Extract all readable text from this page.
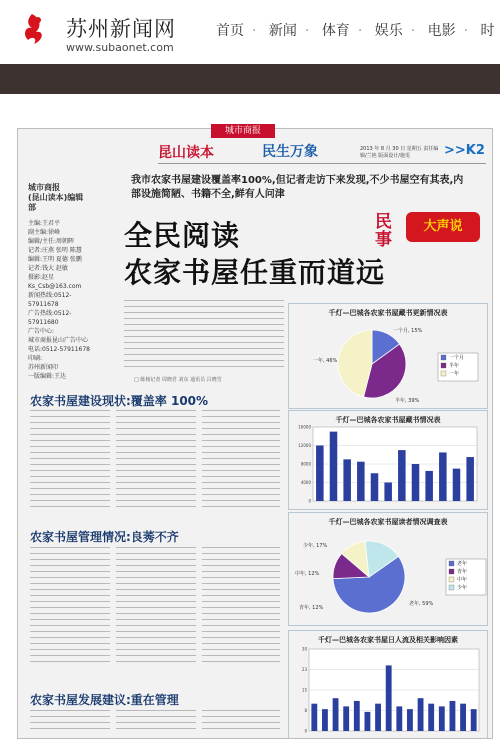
苏州新闻网
www.subaonet.com
首页 · 新闻 · 体育 · 娱乐 · 电影 · 时
城市商报
昆山读本	民生万象	2013 年 8 月 30 日 星期五 责任编辑/兰艳 版面设计/施雯	>>K2
城市商报
(昆山读本)编辑部
主编:王君平
副主编:徐峰
编辑/主任:周朝晖
记者:庄燕 张明 陈慧
编辑:王明 夏德 张鹏
记者:钱大 赵敏
摄影:赵星
Ks_Csb@163.com
新闻热线:0512-57911678
广告热线:0512-57911680
广告中心:
城市商报昆山广告中心
电话:0512-57911678
印刷:
苏州新闻印
一版编辑:王达
我市农家书屋建设覆盖率100%,但记者走访下来发现,不少书屋空有其表,内部设施简陋、书籍不全,鲜有人问津
全民阅读
农家书屋任重而道远
民事
大声说
□ 陈杨记者 周晓君 刘东 通讯员 吕晓雪
农家书屋建设现状:覆盖率 100%
农家书屋管理情况:良莠不齐
农家书屋发展建议:重在管理
千灯—巴城各农家书屋藏书更新情况表
一个月, 15%
一年, 46%
半年, 39%
一个月
半年
一年
千灯—巴城各农家书屋藏书情况表
0
4000
8000
12000
16000
千灯—巴城各农家书屋读者情况调查表
少年, 17%
中年, 12%
青年, 12%
老年, 59%
老年
青年
中年
少年
千灯—巴城各农家书屋日人流及相关影响因素
0
8
15
23
30
